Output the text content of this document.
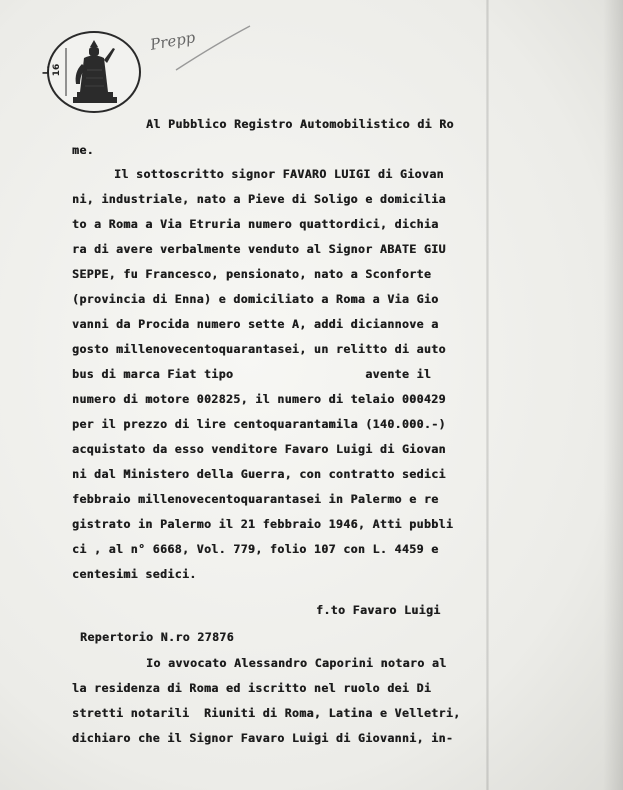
L. 16
Prepp
Al Pubblico Registro Automobilistico di Ro
me.
Il sottoscritto signor FAVARO LUIGI di Giovan
ni, industriale, nato a Pieve di Soligo e domicilia
to a Roma a Via Etruria numero quattordici, dichia
ra di avere verbalmente venduto al Signor ABATE GIU
SEPPE, fu Francesco, pensionato, nato a Sconforte
(provincia di Enna) e domiciliato a Roma a Via Gio
vanni da Procida numero sette A, addi diciannove a
gosto millenovecentoquarantasei, un relitto di auto
bus di marca Fiat tipo                  avente il
numero di motore 002825, il numero di telaio 000429
per il prezzo di lire centoquarantamila (140.000.-)
acquistato da esso venditore Favaro Luigi di Giovan
ni dal Ministero della Guerra, con contratto sedici
febbraio millenovecentoquarantasei in Palermo e re
gistrato in Palermo il 21 febbraio 1946, Atti pubbli
ci , al n° 6668, Vol. 779, folio 107 con L. 4459 e
centesimi sedici.
f.to Favaro Luigi
Repertorio N.ro 27876
Io avvocato Alessandro Caporini notaro al
la residenza di Roma ed iscritto nel ruolo dei Di
stretti notarili  Riuniti di Roma, Latina e Velletri,
dichiaro che il Signor Favaro Luigi di Giovanni, in-
